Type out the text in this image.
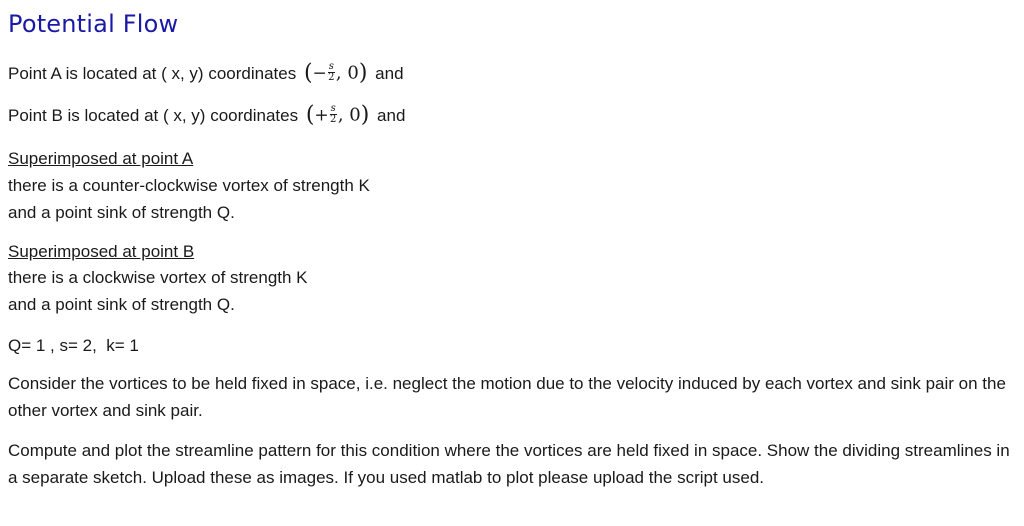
Potential Flow
Point A is located at ( x, y) coordinates (− $\frac{s}{2}$ , 0) and
Point B is located at ( x, y) coordinates (+ $\frac{s}{2}$ , 0) and
Superimposed at point A
there is a counter-clockwise vortex of strength K
and a point sink of strength Q.
Superimposed at point B
there is a clockwise vortex of strength K
and a point sink of strength Q.
Q= 1 , s= 2,  k= 1
Consider the vortices to be held fixed in space, i.e. neglect the motion due to the velocity induced by each vortex and sink pair on the other vortex and sink pair.
Compute and plot the streamline pattern for this condition where the vortices are held fixed in space. Show the dividing streamlines in a separate sketch. Upload these as images. If you used matlab to plot please upload the script used.
